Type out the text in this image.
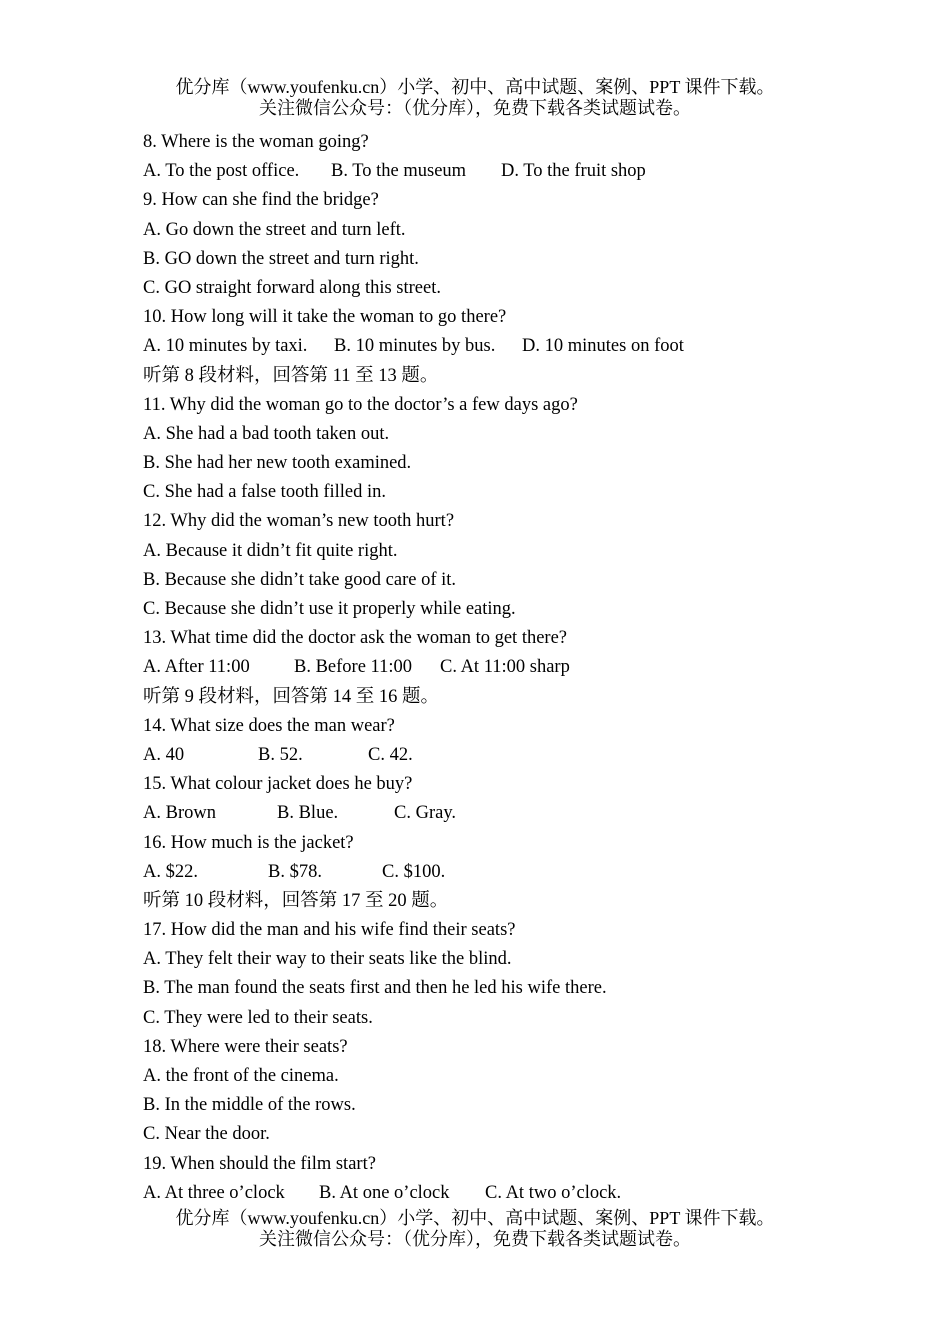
优分库（www.youfenku.cn）小学、初中、高中试题、案例、PPT 课件下载。
关注微信公众号：（优分库），免费下载各类试题试卷。
8. Where is the woman going?
A. To the post office. B. To the museum D. To the fruit shop
9. How can she find the bridge?
A. Go down the street and turn left.
B. GO down the street and turn right.
C. GO straight forward along this street.
10. How long will it take the woman to go there?
A. 10 minutes by taxi. B. 10 minutes by bus. D. 10 minutes on foot
听第 8 段材料，回答第 11 至 13 题。
11. Why did the woman go to the doctor’s a few days ago?
A. She had a bad tooth taken out.
B. She had her new tooth examined.
C. She had a false tooth filled in.
12. Why did the woman’s new tooth hurt?
A. Because it didn’t fit quite right.
B. Because she didn’t take good care of it.
C. Because she didn’t use it properly while eating.
13. What time did the doctor ask the woman to get there?
A. After 11:00 B. Before 11:00 C. At 11:00 sharp
听第 9 段材料，回答第 14 至 16 题。
14. What size does the man wear?
A. 40	B. 52.	C. 42.
15. What colour jacket does he buy?
A. Brown	B. Blue.	C. Gray.
16. How much is the jacket?
A. $22.	B. $78.	C. $100.
听第 10 段材料，回答第 17 至 20 题。
17. How did the man and his wife find their seats?
A. They felt their way to their seats like the blind.
B. The man found the seats first and then he led his wife there.
C. They were led to their seats.
18. Where were their seats?
A. the front of the cinema.
B. In the middle of the rows.
C. Near the door.
19. When should the film start?
A. At three o’clock B. At one o’clock C. At two o’clock.
优分库（www.youfenku.cn）小学、初中、高中试题、案例、PPT 课件下载。
关注微信公众号：（优分库），免费下载各类试题试卷。
